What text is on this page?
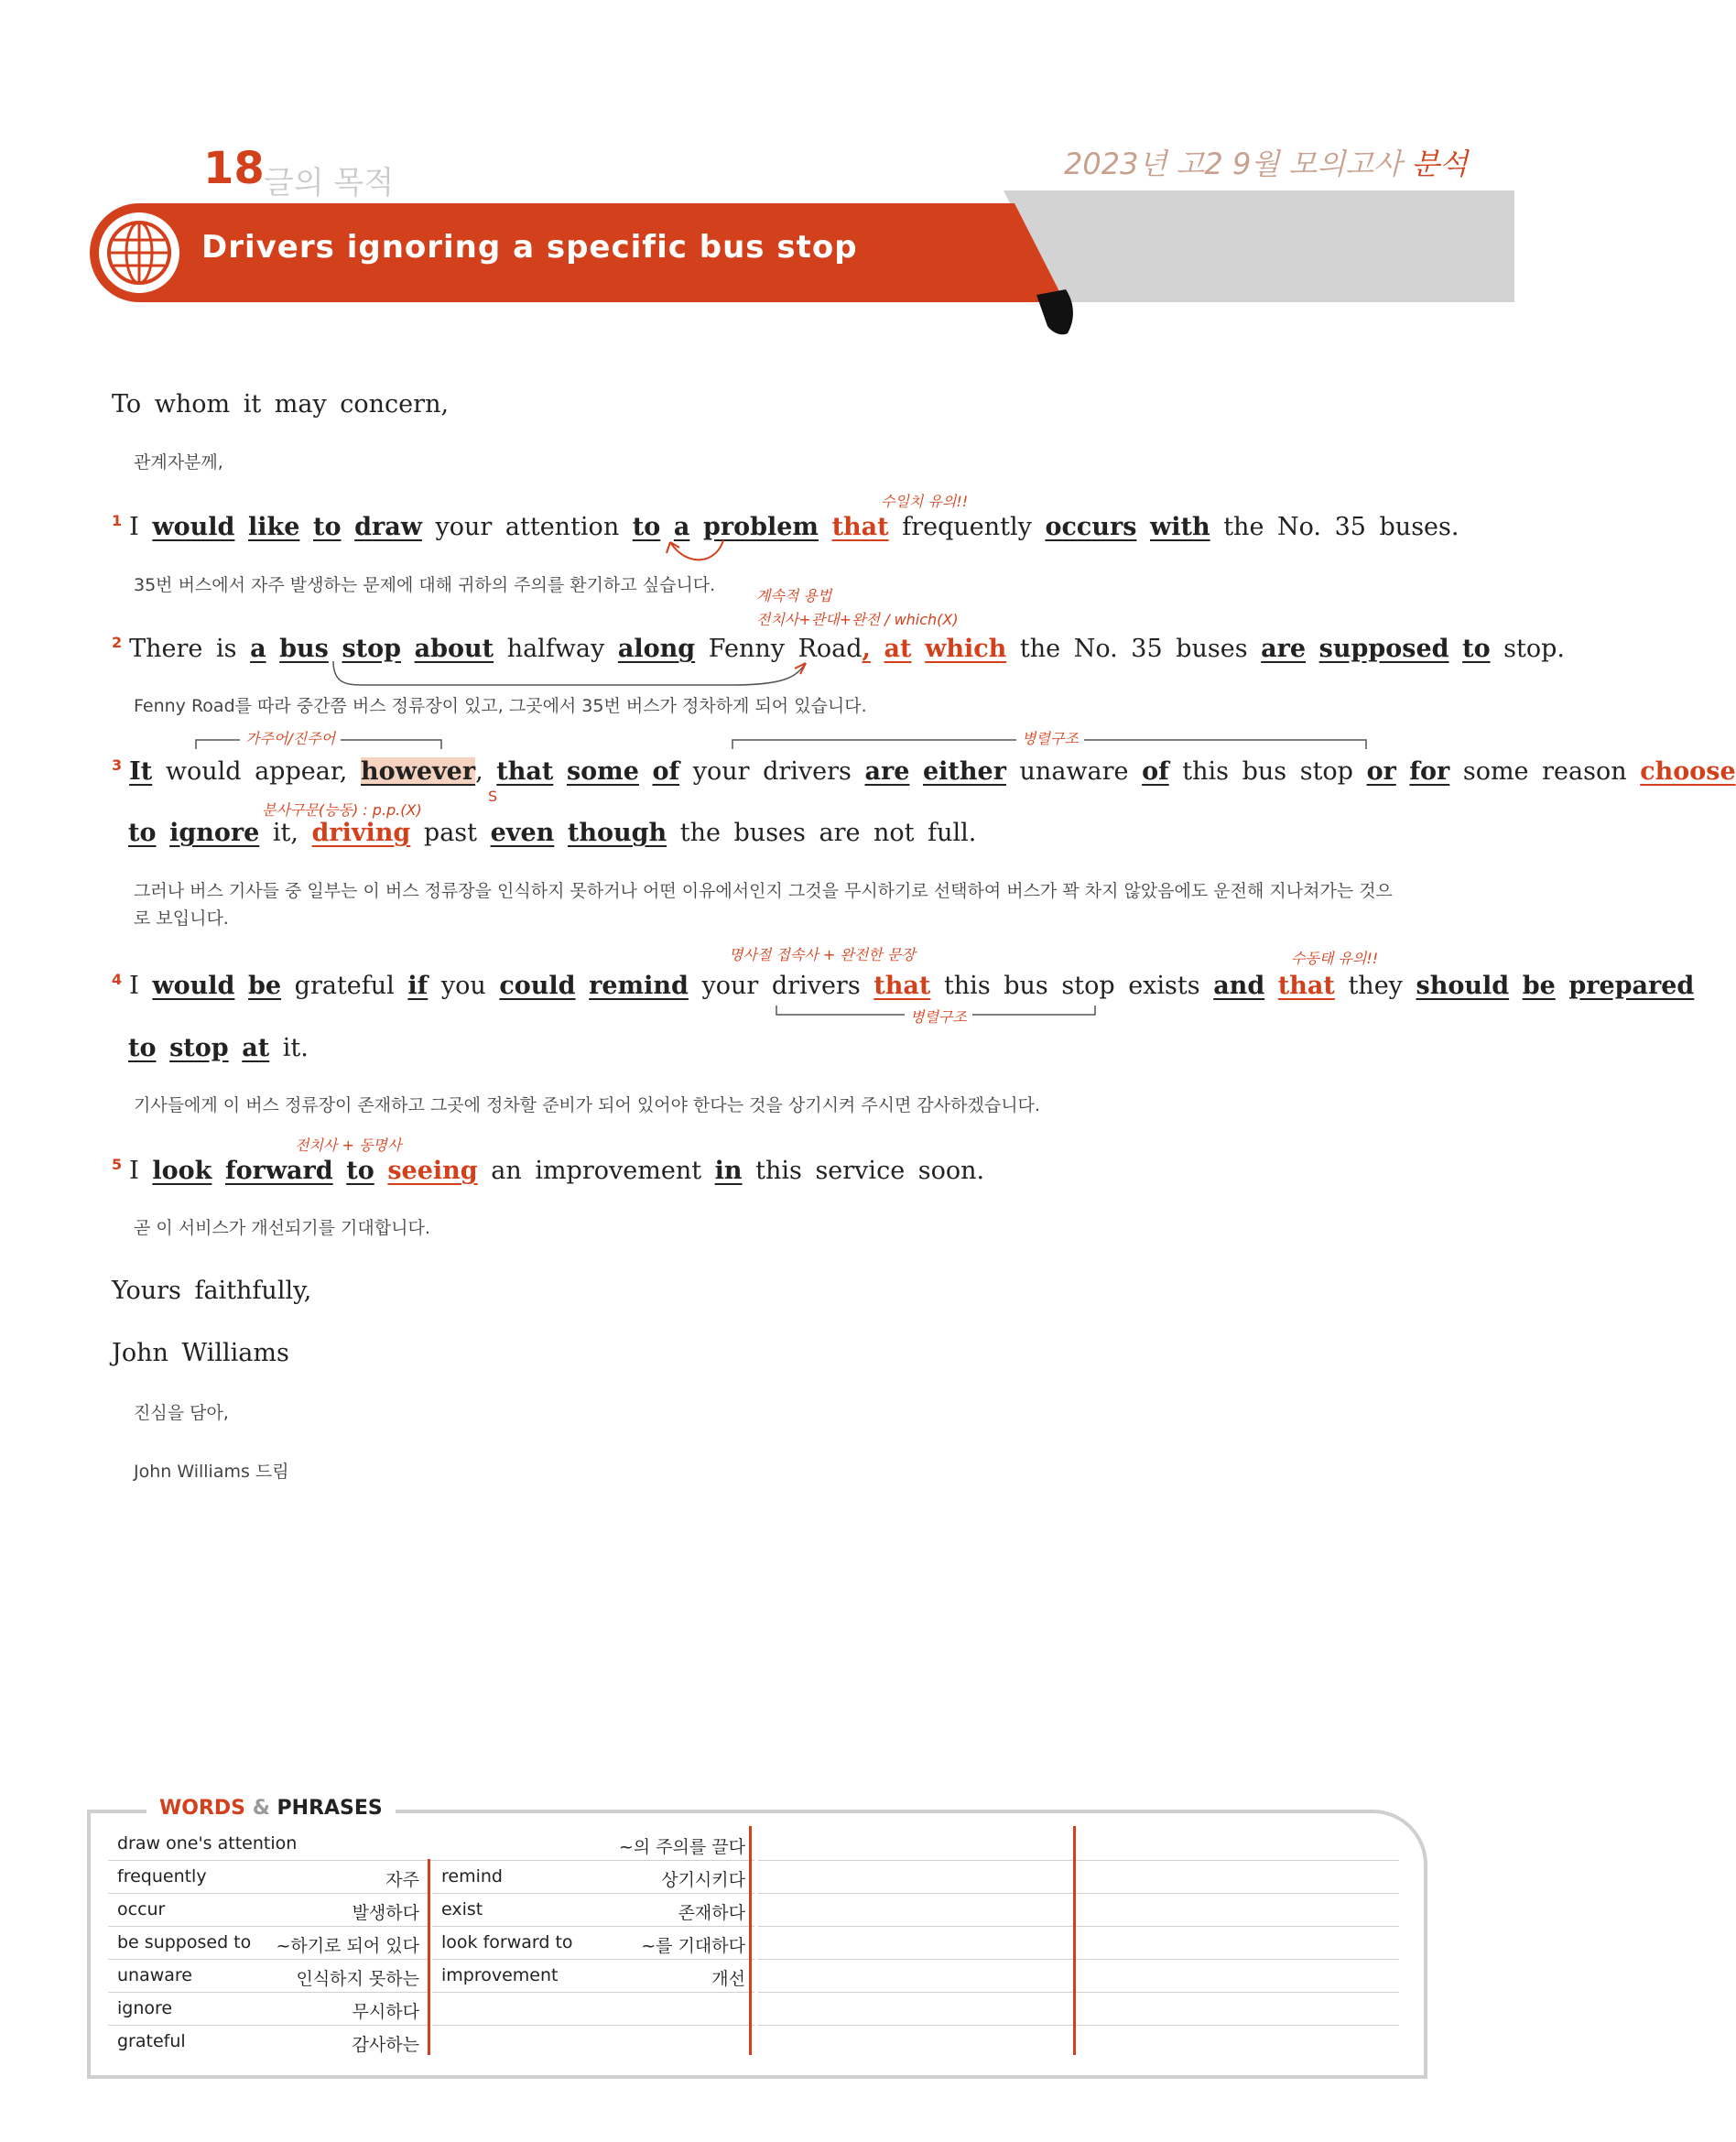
18 글의 목적
2023년 고2 9월 모의고사 분석
Drivers ignoring a specific bus stop
To whom it may concern,
관계자분께,
수일치 유의!!
$^1$ I would like to draw your attention to a problem that frequently occurs with the No. 35 buses.
35번 버스에서 자주 발생하는 문제에 대해 귀하의 주의를 환기하고 싶습니다.
계속적 용법
전치사+관대+완전 / which(X)
$^2$ There is a bus stop about halfway along Fenny Road, at which the No. 35 buses are supposed to stop.
Fenny Road를 따라 중간쯤 버스 정류장이 있고, 그곳에서 35번 버스가 정차하게 되어 있습니다.
가주어/진주어	병렬구조
$^3$ It would appear, however, that some of your drivers are either unaware of this bus stop or for some reason choose
S
분사구문(능동) : p.p.(X)
to ignore it, driving past even though the buses are not full.
그러나 버스 기사들 중 일부는 이 버스 정류장을 인식하지 못하거나 어떤 이유에서인지 그것을 무시하기로 선택하여 버스가 꽉 차지 않았음에도 운전해 지나쳐가는 것으로 보입니다.
명사절 접속사 + 완전한 문장	수동태 유의!!
$^4$ I would be grateful if you could remind your drivers that this bus stop exists and that they should be prepared
병렬구조
to stop at it.
기사들에게 이 버스 정류장이 존재하고 그곳에 정차할 준비가 되어 있어야 한다는 것을 상기시켜 주시면 감사하겠습니다.
전치사 + 동명사
$^5$ I look forward to seeing an improvement in this service soon.
곧 이 서비스가 개선되기를 기대합니다.
Yours faithfully,
John Williams
진심을 담아,
John Williams 드림
WORDS & PHRASES
draw one's attention	~의 주의를 끌다
frequently	자주
occur	발생하다
be supposed to ~하기로 되어 있다
unaware	인식하지 못하는
ignore	무시하다
grateful	감사하는
remind	상기시키다
exist	존재하다
look forward to	~를 기대하다
improvement	개선
